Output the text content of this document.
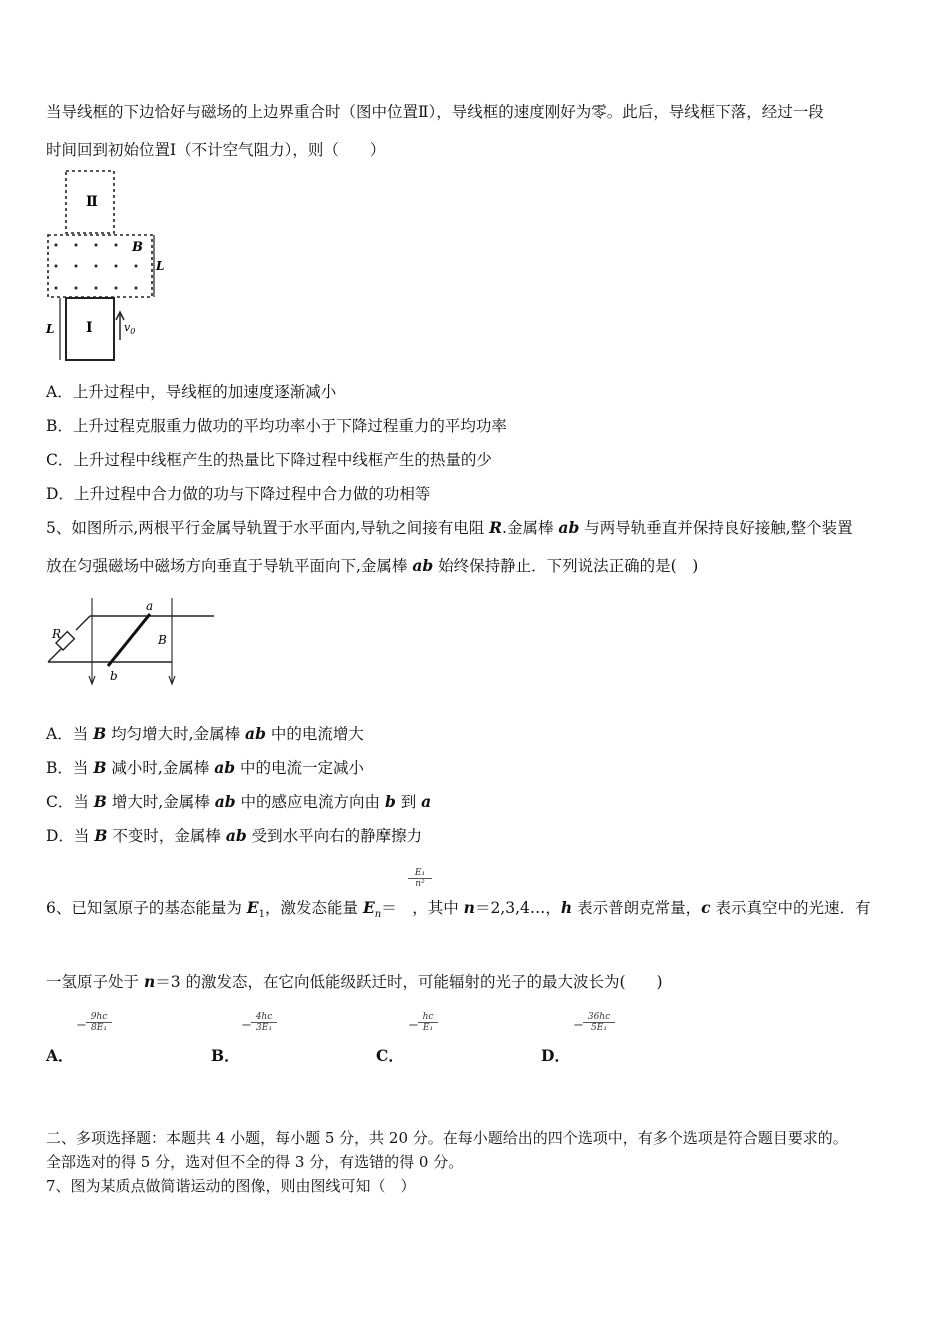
当导线框的下边恰好与磁场的上边界重合时（图中位置Ⅱ），导线框的速度刚好为零。此后，导线框下落，经过一段
时间回到初始位置Ⅰ（不计空气阻力），则（　　）
Ⅱ
B
L
Ⅰ
L	$v_0$
A．上升过程中，导线框的加速度逐渐减小
B．上升过程克服重力做功的平均功率小于下降过程重力的平均功率
C．上升过程中线框产生的热量比下降过程中线框产生的热量的少
D．上升过程中合力做的功与下降过程中合力做的功相等
5、如图所示,两根平行金属导轨置于水平面内,导轨之间接有电阻 R.金属棒 ab 与两导轨垂直并保持良好接触,整个装置
放在匀强磁场中磁场方向垂直于导轨平面向下,金属棒 ab 始终保持静止．下列说法正确的是(　)
R
a
b
B
A．当 B 均匀增大时,金属棒 ab 中的电流增大
B．当 B 减小时,金属棒 ab 中的电流一定减小
C．当 B 增大时,金属棒 ab 中的感应电流方向由 b 到 a
D．当 B 不变时，金属棒 ab 受到水平向右的静摩擦力
$\frac{\text{E₁}}{\text{n²}}$
6、已知氢原子的基态能量为 $E_1$，激发态能量 $E_n=$　，其中 n＝2,3,4…，h 表示普朗克常量，c 表示真空中的光速．有
一氢原子处于 n＝3 的激发态，在它向低能级跃迁时，可能辐射的光子的最大波长为(　　)
− $\frac{9hc}{\text{8E₁}}$
A．
− $\frac{4hc}{\text{3E₁}}$
B．
− $\frac{hc}{\text{E₁}}$
C．
− $\frac{36hc}{\text{5E₁}}$
D．
二、多项选择题：本题共 4 小题，每小题 5 分，共 20 分。在每小题给出的四个选项中，有多个选项是符合题目要求的。
全部选对的得 5 分，选对但不全的得 3 分，有选错的得 0 分。
7、图为某质点做简谐运动的图像，则由图线可知（　）
